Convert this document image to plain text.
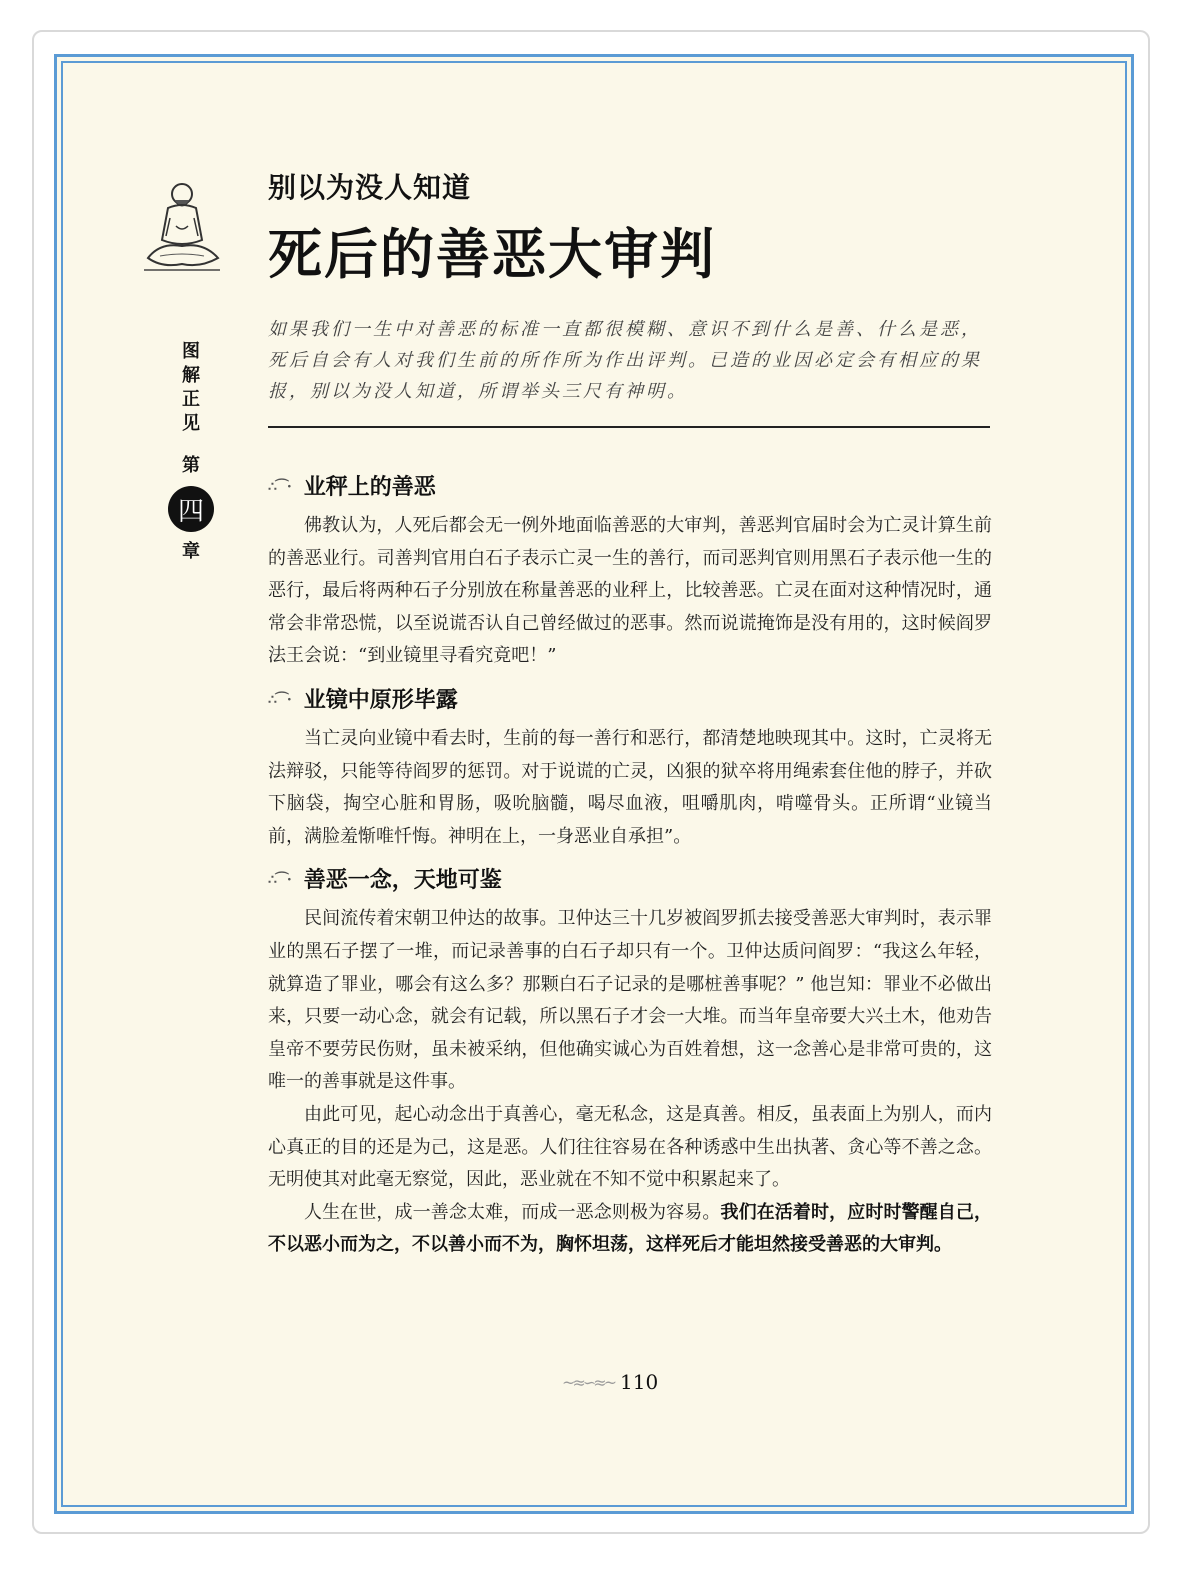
图
解
正
见
第
四
章
别以为没人知道
死后的善恶大审判
如果我们一生中对善恶的标准一直都很模糊、意识不到什么是善、什么是恶，死后自会有人对我们生前的所作所为作出评判。已造的业因必定会有相应的果报，别以为没人知道，所谓举头三尺有神明。
∴⌒· 业秤上的善恶

佛教认为，人死后都会无一例外地面临善恶的大审判，善恶判官届时会为亡灵计算生前的善恶业行。司善判官用白石子表示亡灵一生的善行，而司恶判官则用黑石子表示他一生的恶行，最后将两种石子分别放在称量善恶的业秤上，比较善恶。亡灵在面对这种情况时，通常会非常恐慌，以至说谎否认自己曾经做过的恶事。然而说谎掩饰是没有用的，这时候阎罗法王会说：“到业镜里寻看究竟吧！”

∴⌒· 业镜中原形毕露

当亡灵向业镜中看去时，生前的每一善行和恶行，都清楚地映现其中。这时，亡灵将无法辩驳，只能等待阎罗的惩罚。对于说谎的亡灵，凶狠的狱卒将用绳索套住他的脖子，并砍下脑袋，掏空心脏和胃肠，吸吮脑髓，喝尽血液，咀嚼肌肉，啃噬骨头。正所谓“业镜当前，满脸羞惭唯忏悔。神明在上，一身恶业自承担”。

∴⌒· 善恶一念，天地可鉴

民间流传着宋朝卫仲达的故事。卫仲达三十几岁被阎罗抓去接受善恶大审判时，表示罪业的黑石子摆了一堆，而记录善事的白石子却只有一个。卫仲达质问阎罗：“我这么年轻，就算造了罪业，哪会有这么多？那颗白石子记录的是哪桩善事呢？” 他岂知：罪业不必做出来，只要一动心念，就会有记载，所以黑石子才会一大堆。而当年皇帝要大兴土木，他劝告皇帝不要劳民伤财，虽未被采纳，但他确实诚心为百姓着想，这一念善心是非常可贵的，这唯一的善事就是这件事。

由此可见，起心动念出于真善心，毫无私念，这是真善。相反，虽表面上为别人，而内心真正的目的还是为己，这是恶。人们往往容易在各种诱惑中生出执著、贪心等不善之念。无明使其对此毫无察觉，因此，恶业就在不知不觉中积累起来了。

人生在世，成一善念太难，而成一恶念则极为容易。我们在活着时，应时时警醒自己，不以恶小而为之，不以善小而不为，胸怀坦荡，这样死后才能坦然接受善恶的大审判。

~≈∽≈~ 110
